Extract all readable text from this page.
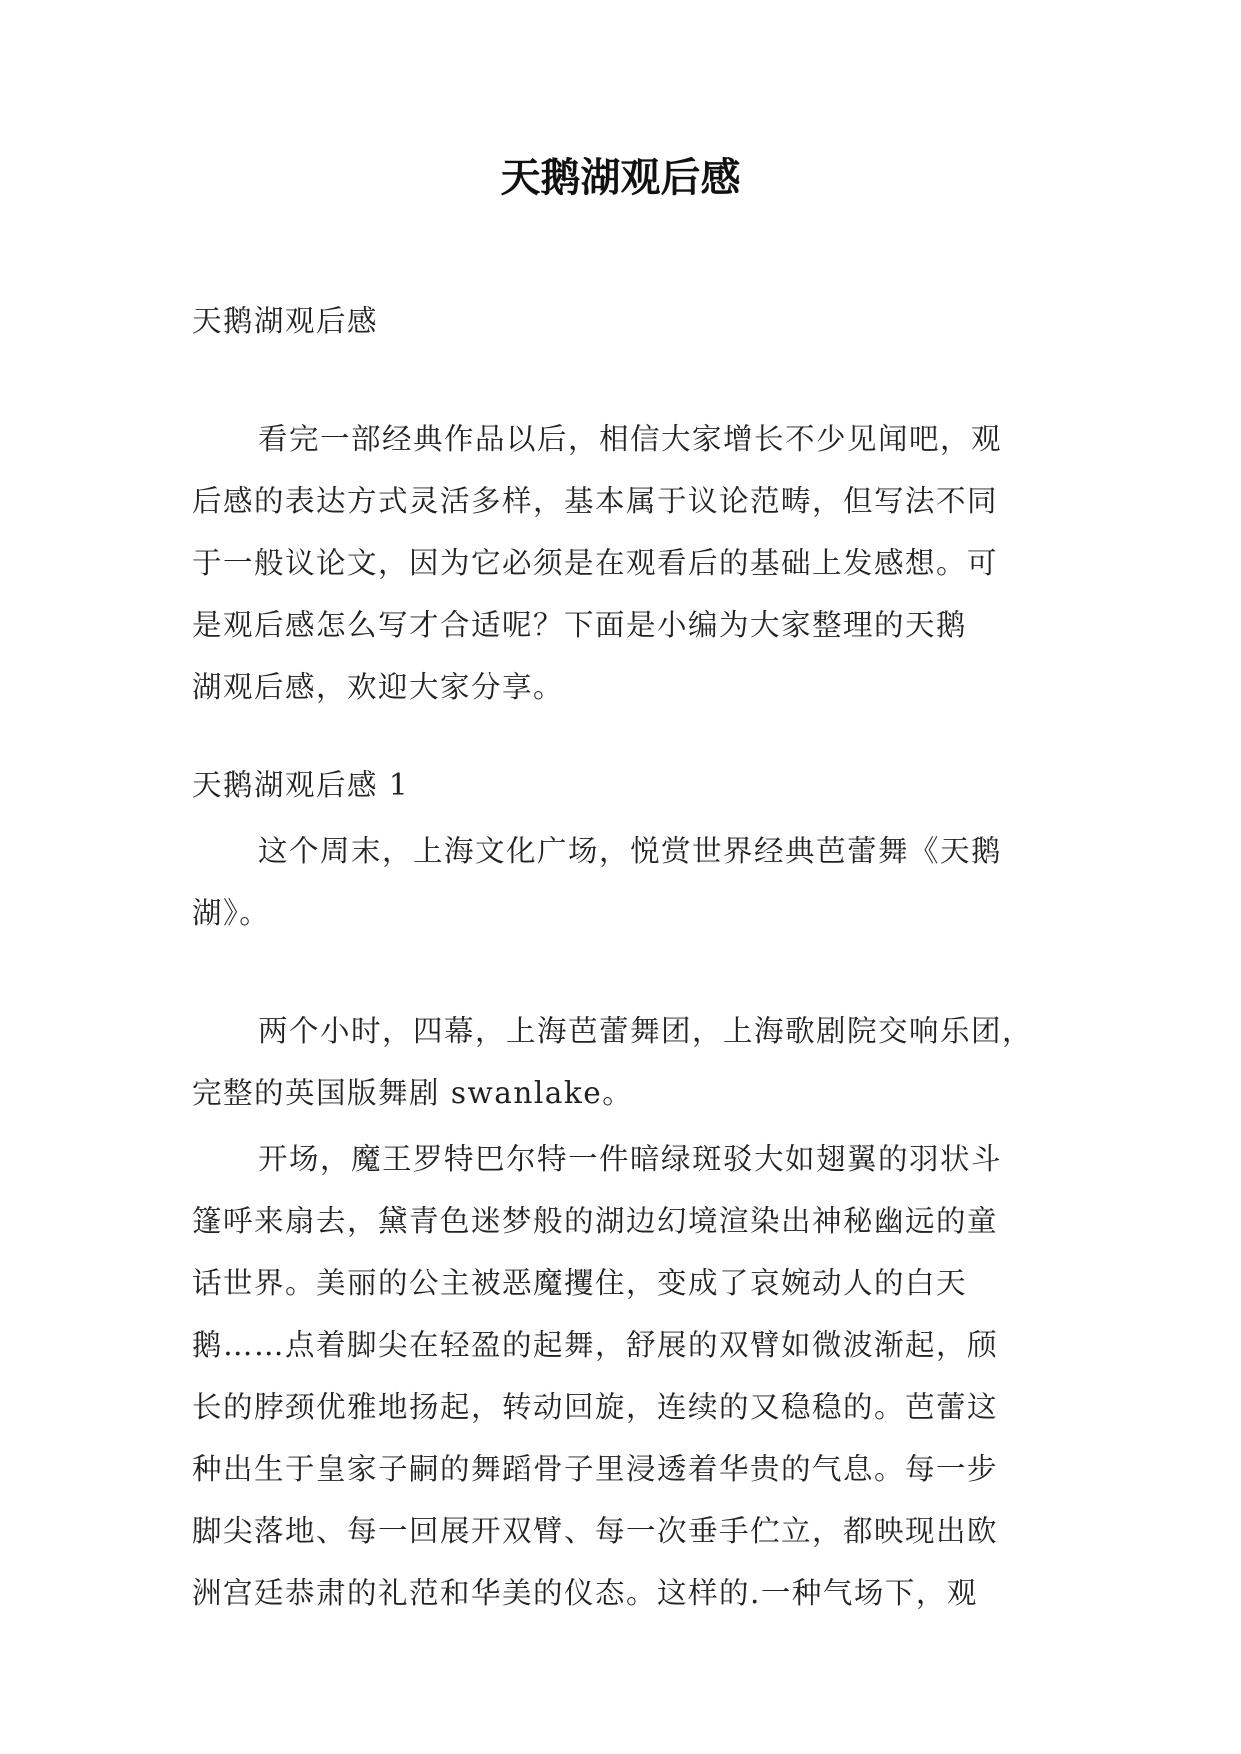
天鹅湖观后感
天鹅湖观后感
看完一部经典作品以后，相信大家增长不少见闻吧，观
后感的表达方式灵活多样，基本属于议论范畴，但写法不同
于一般议论文，因为它必须是在观看后的基础上发感想。可
是观后感怎么写才合适呢？下面是小编为大家整理的天鹅
湖观后感，欢迎大家分享。
天鹅湖观后感 1
这个周末，上海文化广场，悦赏世界经典芭蕾舞《天鹅
湖》。
两个小时，四幕，上海芭蕾舞团，上海歌剧院交响乐团，
完整的英国版舞剧 swanlake。
开场，魔王罗特巴尔特一件暗绿斑驳大如翅翼的羽状斗
篷呼来扇去，黛青色迷梦般的湖边幻境渲染出神秘幽远的童
话世界。美丽的公主被恶魔攫住，变成了哀婉动人的白天
鹅……点着脚尖在轻盈的起舞，舒展的双臂如微波渐起，颀
长的脖颈优雅地扬起，转动回旋，连续的又稳稳的。芭蕾这
种出生于皇家子嗣的舞蹈骨子里浸透着华贵的气息。每一步
脚尖落地、每一回展开双臂、每一次垂手伫立，都映现出欧
洲宫廷恭肃的礼范和华美的仪态。这样的.一种气场下，观
